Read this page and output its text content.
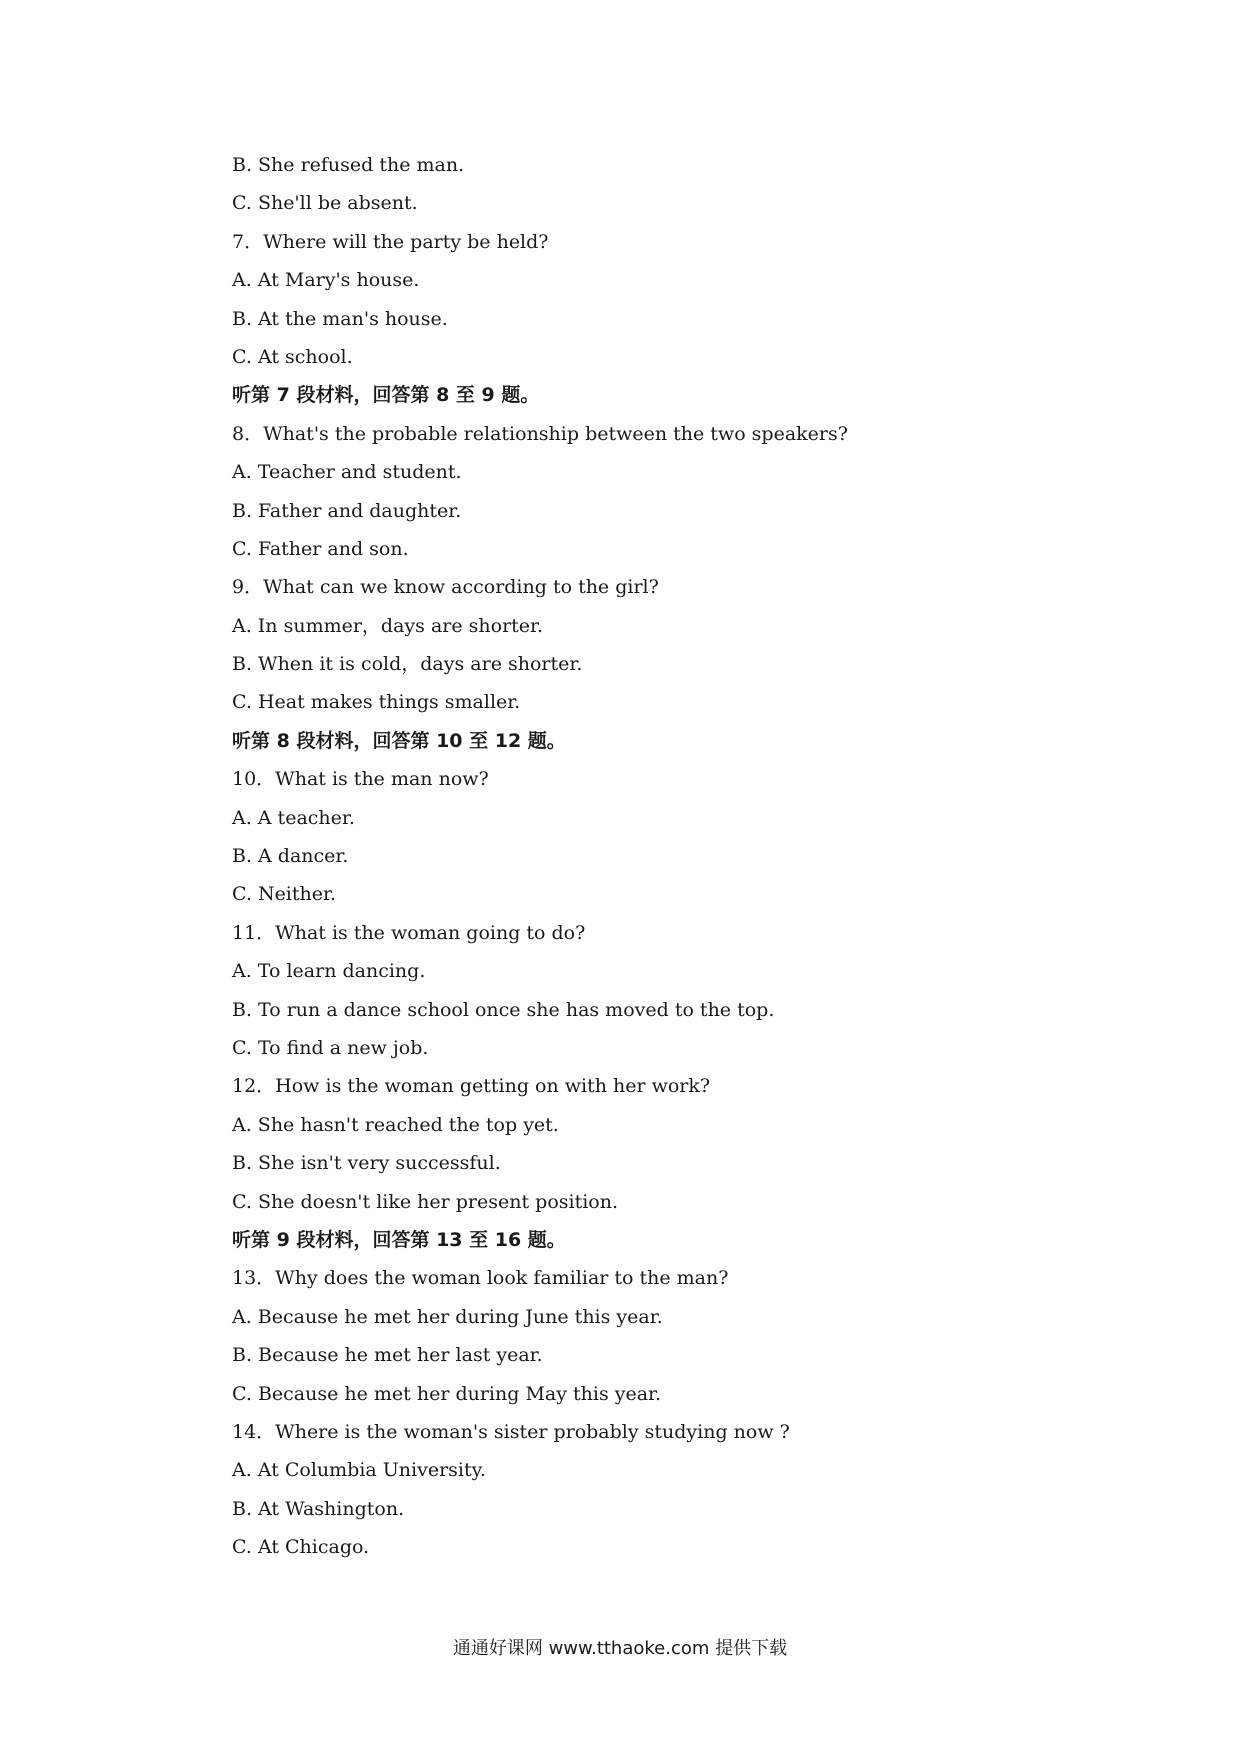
B. She refused the man.
C. She'll be absent.
7．Where will the party be held?
A. At Mary's house.
B. At the man's house.
C. At school.
听第 7 段材料，回答第 8 至 9 题。
8．What's the probable relationship between the two speakers?
A. Teacher and student.
B. Father and daughter.
C. Father and son.
9．What can we know according to the girl?
A. In summer，days are shorter.
B. When it is cold，days are shorter.
C. Heat makes things smaller.
听第 8 段材料，回答第 10 至 12 题。
10．What is the man now?
A. A teacher.
B. A dancer.
C. Neither.
11．What is the woman going to do?
A. To learn dancing.
B. To run a dance school once she has moved to the top.
C. To find a new job.
12．How is the woman getting on with her work?
A. She hasn't reached the top yet.
B. She isn't very successful.
C. She doesn't like her present position.
听第 9 段材料，回答第 13 至 16 题。
13．Why does the woman look familiar to the man?
A. Because he met her during June this year.
B. Because he met her last year.
C. Because he met her during May this year.
14．Where is the woman's sister probably studying now ?
A. At Columbia University.
B. At Washington.
C. At Chicago.
通通好课网 www.tthaoke.com 提供下载
